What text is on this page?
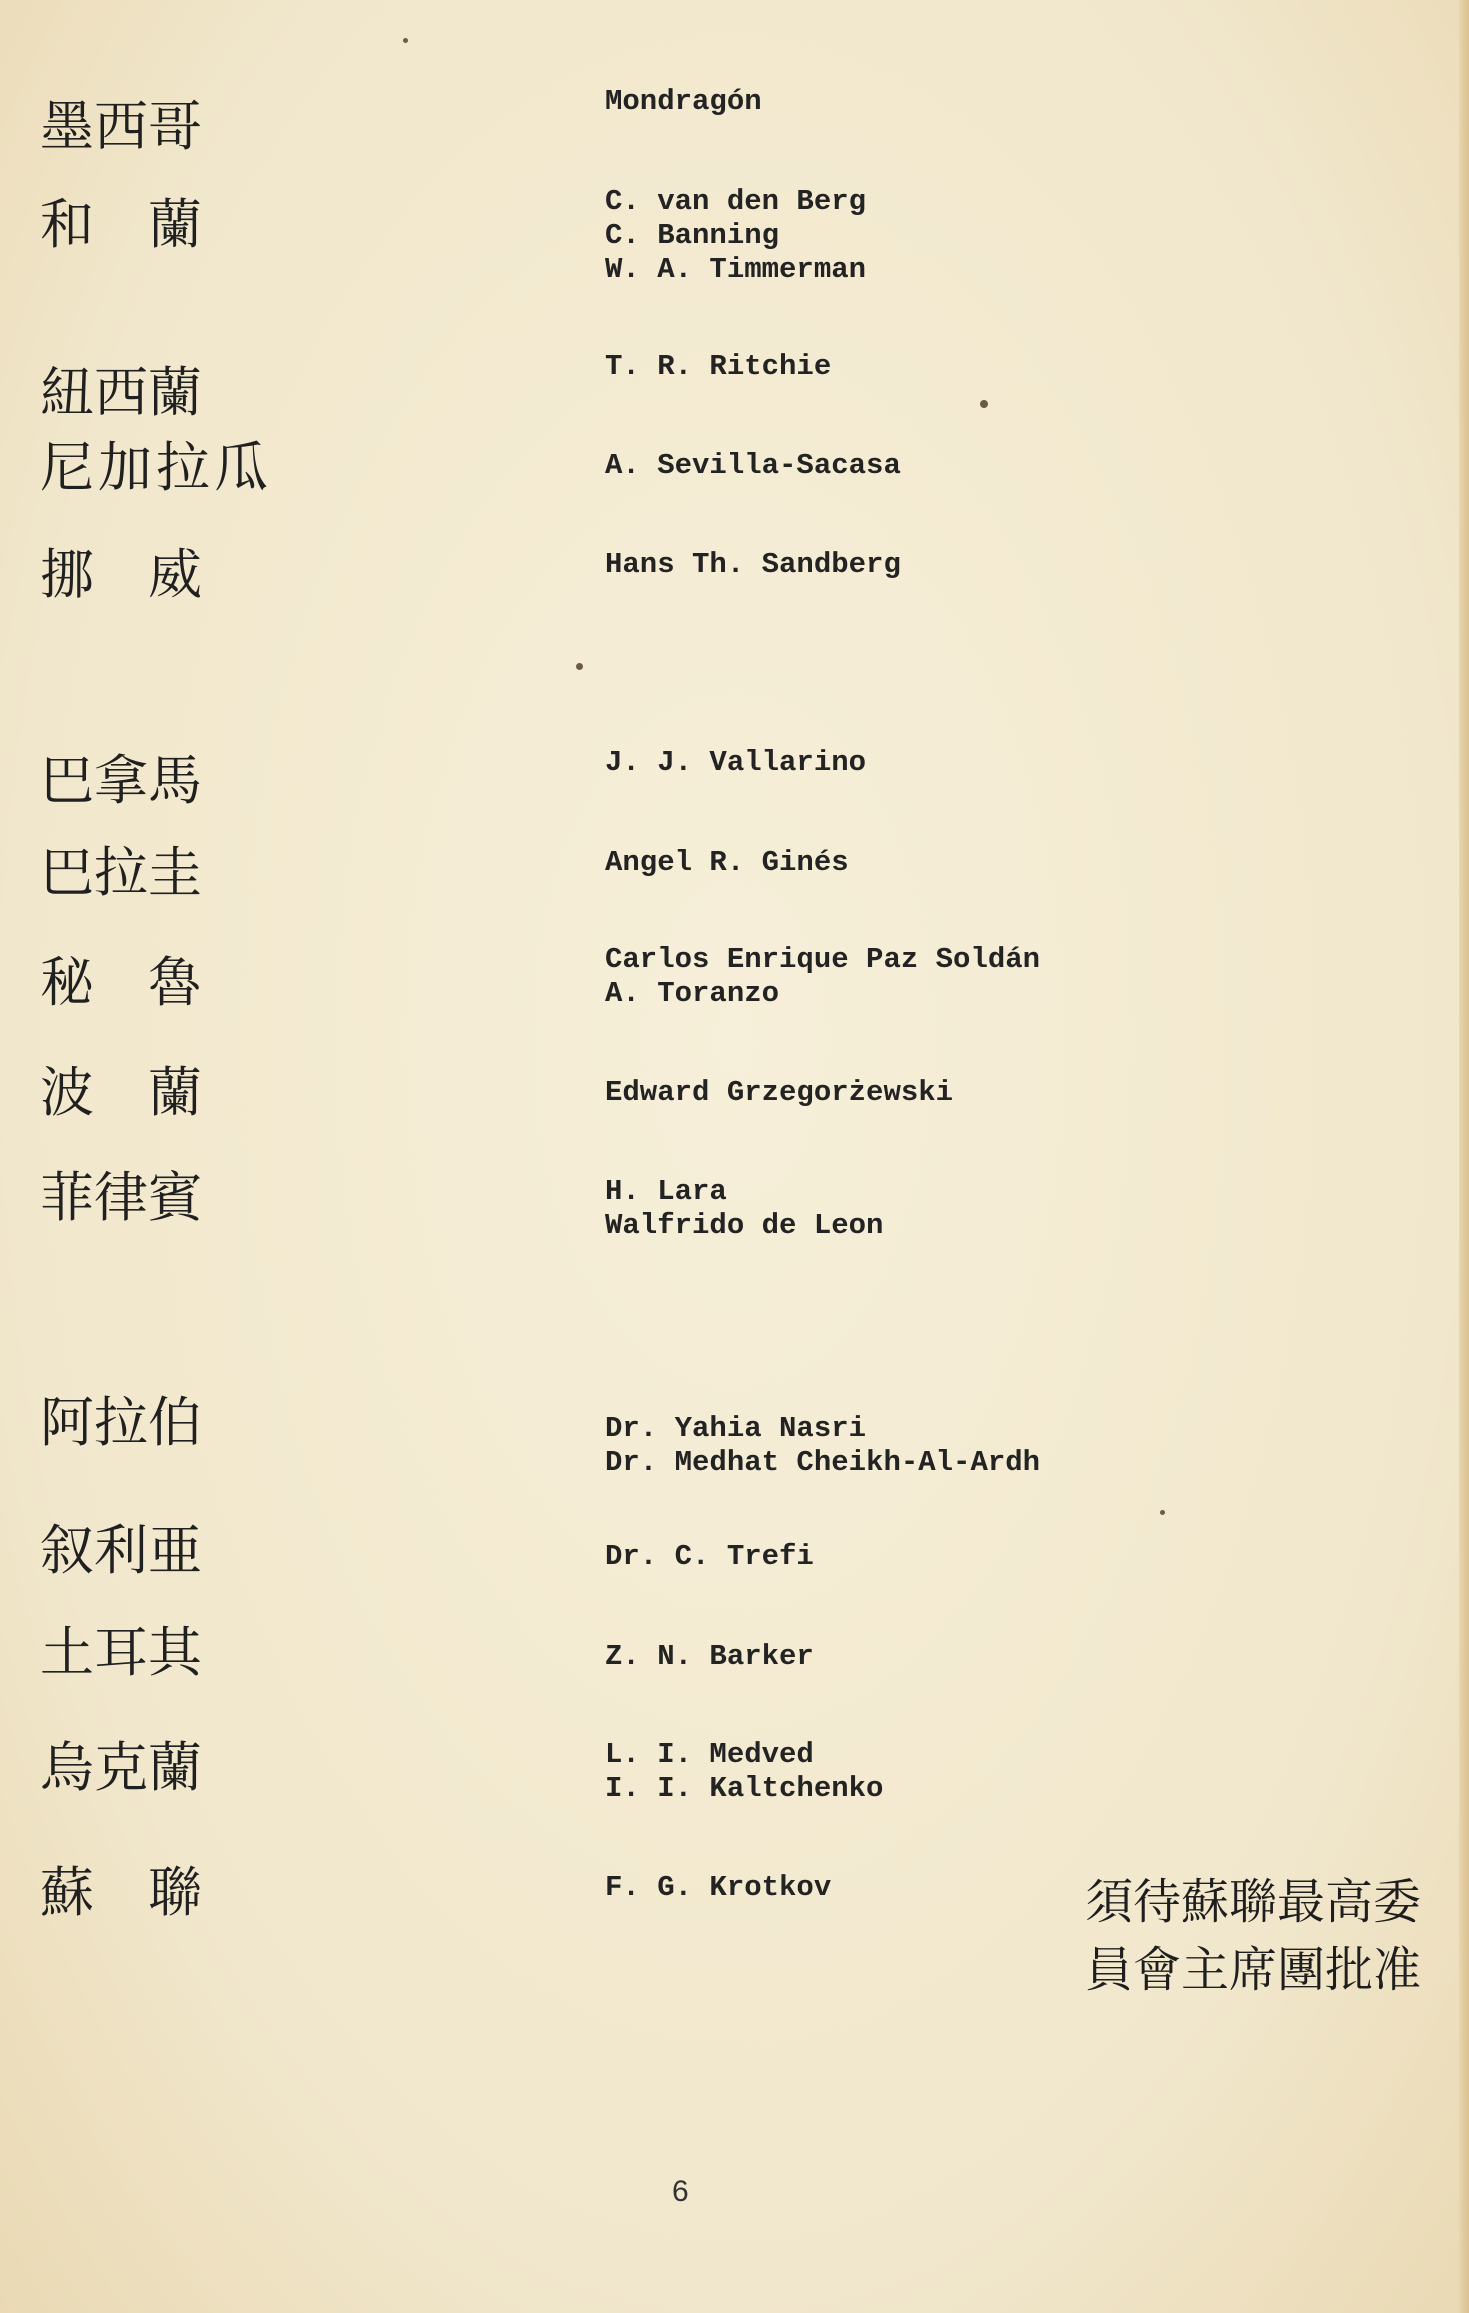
墨西哥	Mondragón
和　蘭	C. van den Berg
C. Banning
W. A. Timmerman
紐西蘭	T. R. Ritchie
尼加拉瓜	A. Sevilla-Sacasa
挪　威	Hans Th. Sandberg
巴拿馬	J. J. Vallarino
巴拉圭	Angel R. Ginés
秘　魯	Carlos Enrique Paz Soldán
A. Toranzo
波　蘭	Edward Grzegorżewski
菲律賓	H. Lara
Walfrido de Leon
阿拉伯	Dr. Yahia Nasri
Dr. Medhat Cheikh-Al-Ardh
叙利亜	Dr. C. Trefi
土耳其	Z. N. Barker
烏克蘭	L. I. Medved
I. I. Kaltchenko
蘇　聯	F. G. Krotkov	須待蘇聯最高委
員會主席團批准
6
